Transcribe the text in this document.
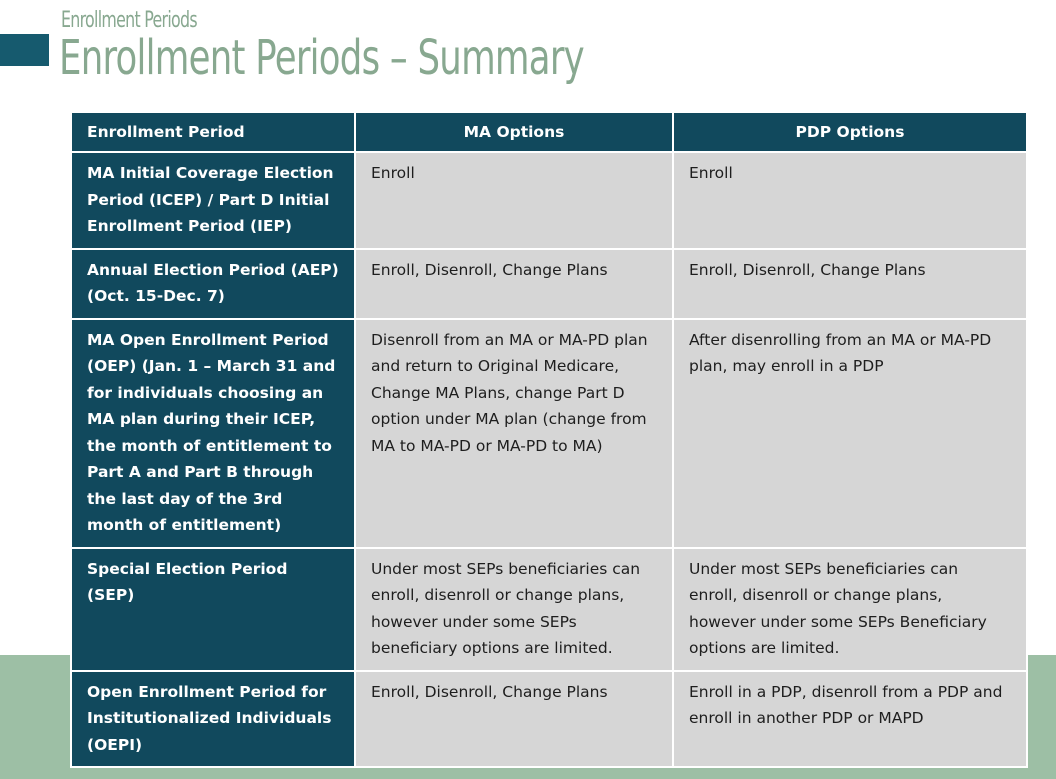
Enrollment Periods
Enrollment Periods – Summary
Enrollment Period	MA Options	PDP Options
MA Initial Coverage Election Period (ICEP) / Part D Initial Enrollment Period (IEP)	Enroll	Enroll
Annual Election Period (AEP) (Oct. 15-Dec. 7)	Enroll, Disenroll, Change Plans	Enroll, Disenroll, Change Plans
MA Open Enrollment Period (OEP) (Jan. 1 – March 31 and for individuals choosing an MA plan during their ICEP, the month of entitlement to Part A and Part B through the last day of the 3rd month of entitlement)	Disenroll from an MA or MA-PD plan and return to Original Medicare, Change MA Plans, change Part D option under MA plan (change from MA to MA-PD or MA-PD to MA)	After disenrolling from an MA or MA-PD plan, may enroll in a PDP
Special Election Period (SEP)	Under most SEPs beneficiaries can enroll, disenroll or change plans, however under some SEPs beneficiary options are limited.	Under most SEPs beneficiaries can enroll, disenroll or change plans, however under some SEPs Beneficiary options are limited.
Open Enrollment Period for Institutionalized Individuals (OEPI)	Enroll, Disenroll, Change Plans	Enroll in a PDP, disenroll from a PDP and enroll in another PDP or MAPD
